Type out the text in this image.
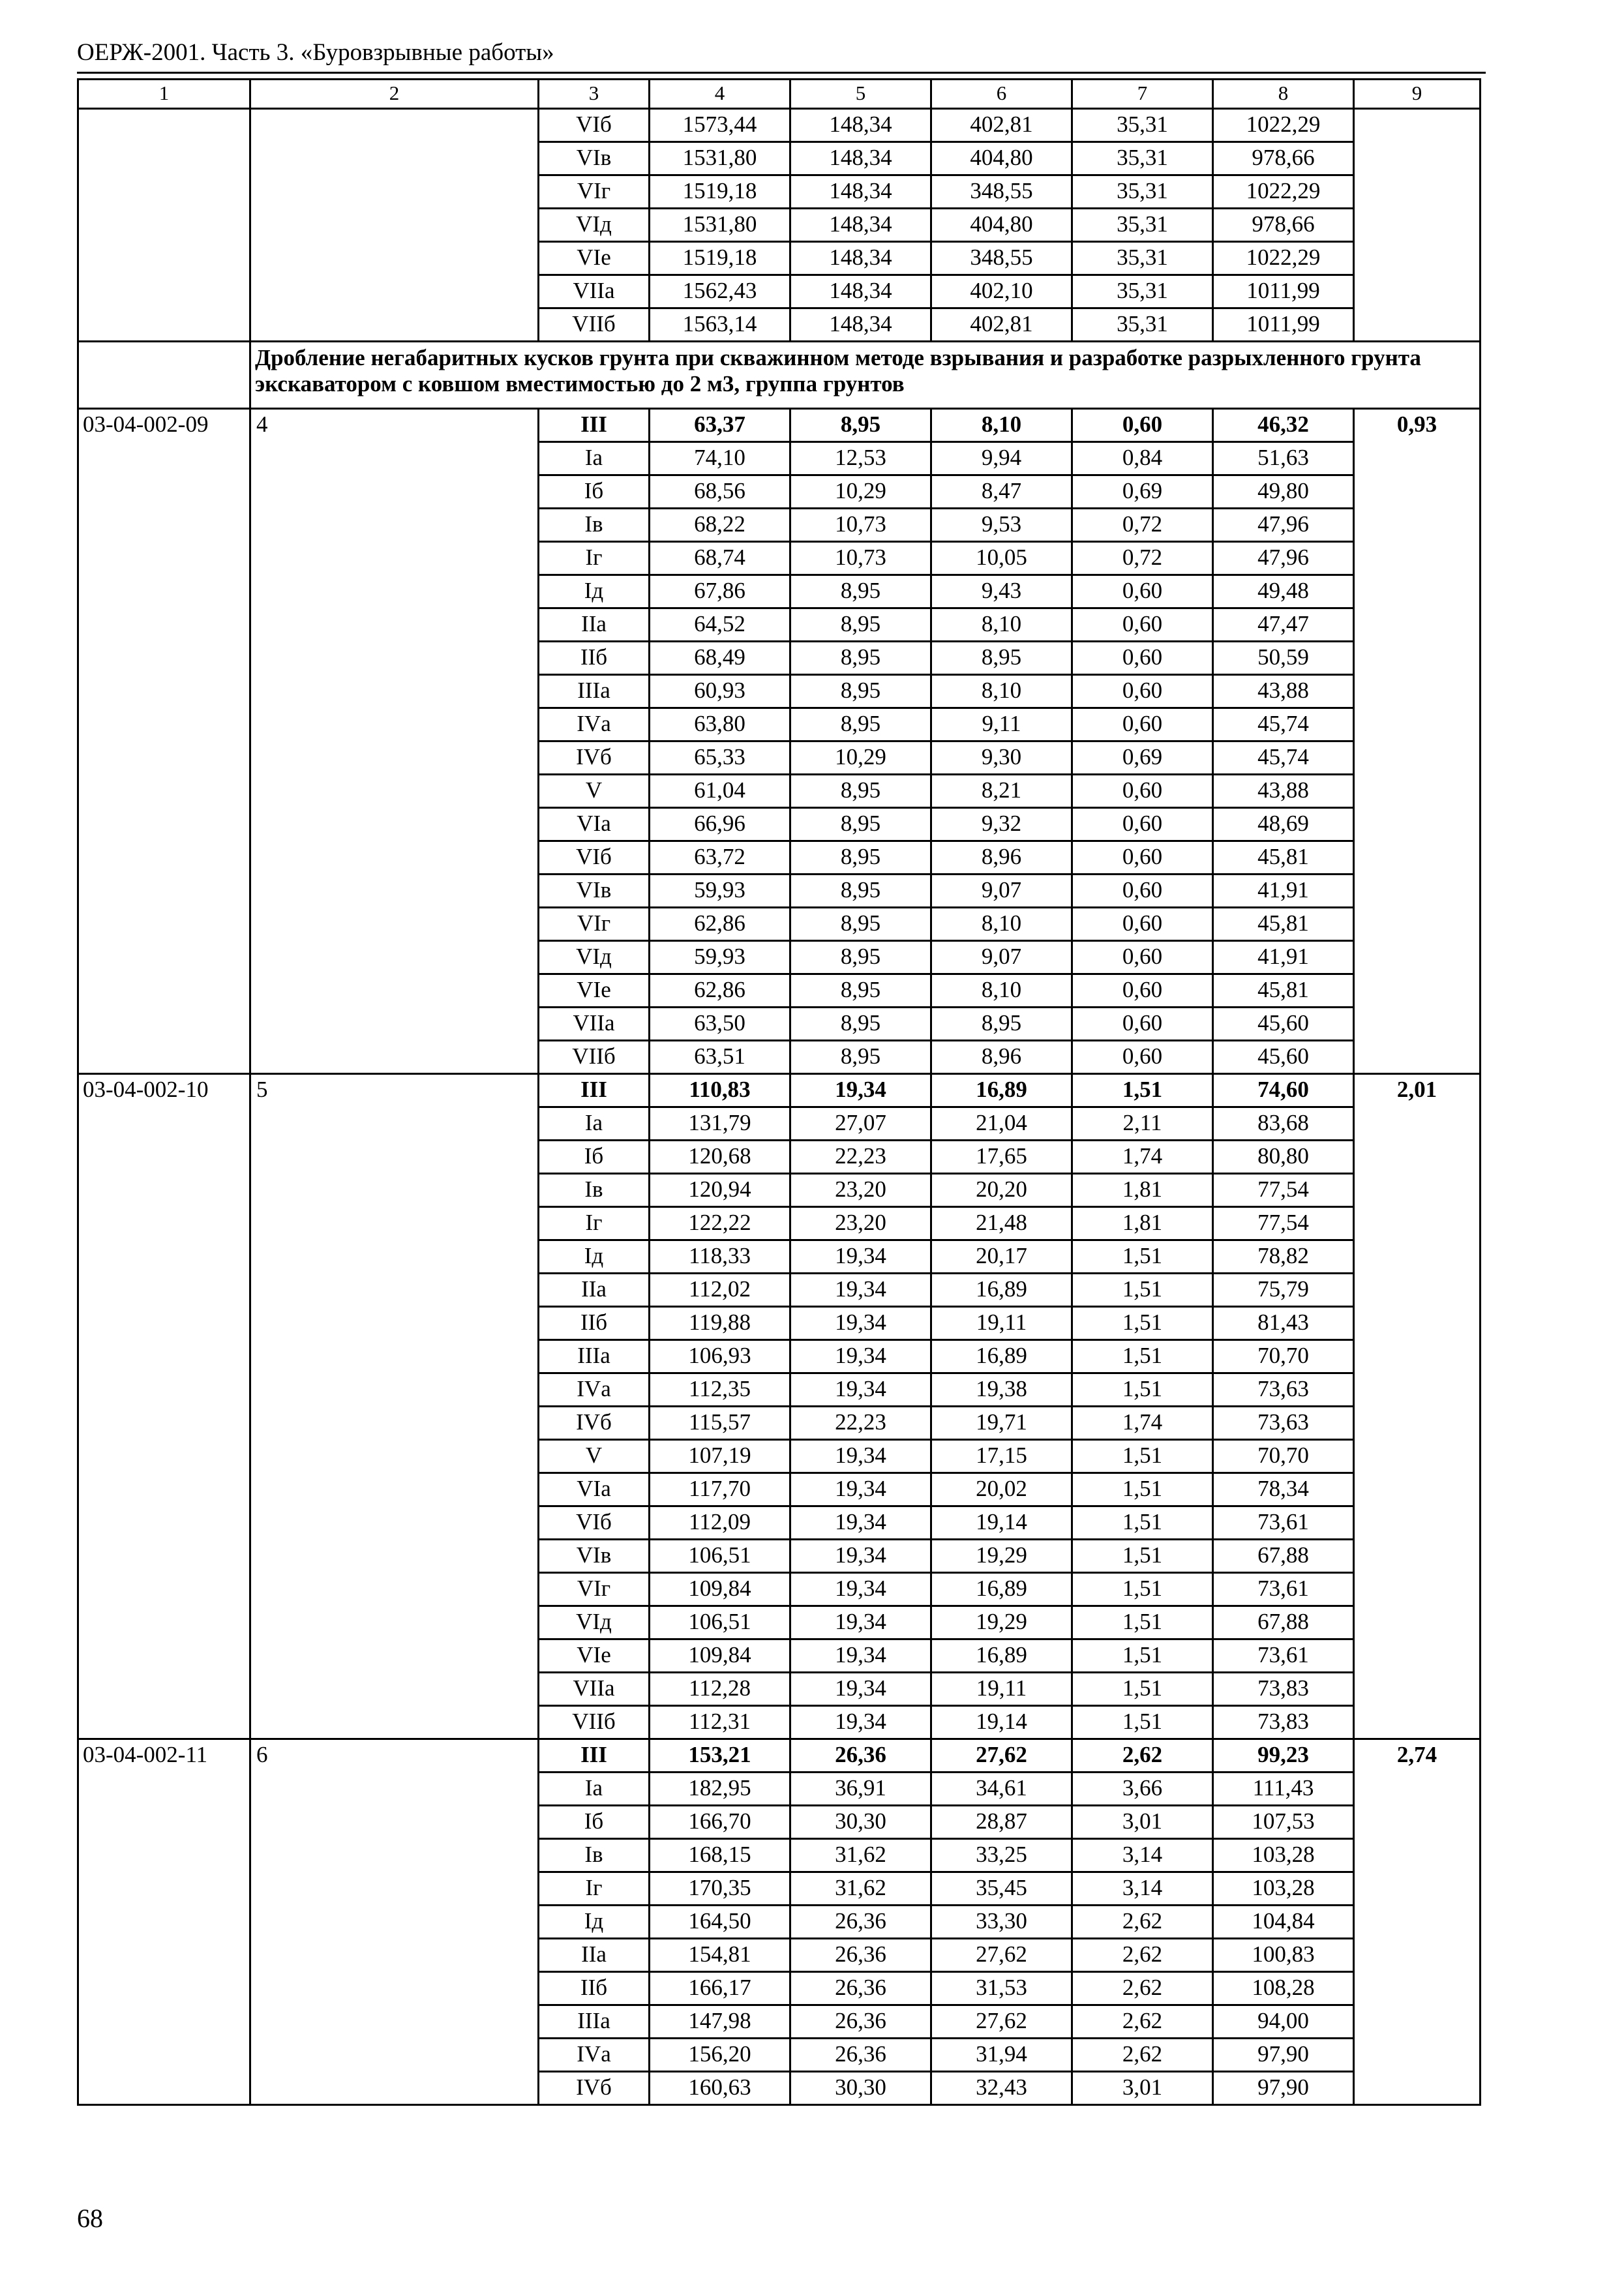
ОЕРЖ-2001. Часть 3. «Буровзрывные работы»
1	2	3	4	5	6	7	8	9
		VIб	1573,44	148,34	402,81	35,31	1022,29	
		VIв	1531,80	148,34	404,80	35,31	978,66	
		VIг	1519,18	148,34	348,55	35,31	1022,29	
		VIд	1531,80	148,34	404,80	35,31	978,66	
		VIе	1519,18	148,34	348,55	35,31	1022,29	
		VIIа	1562,43	148,34	402,10	35,31	1011,99	
		VIIб	1563,14	148,34	402,81	35,31	1011,99	
	Дробление негабаритных кусков грунта при скважинном методе взрывания и разработке разрыхленного грунта экскаватором с ковшом вместимостью до 2 м3, группа грунтов							
03-04-002-09	4	III	63,37	8,95	8,10	0,60	46,32	0,93
		Iа	74,10	12,53	9,94	0,84	51,63	
		Iб	68,56	10,29	8,47	0,69	49,80	
		Iв	68,22	10,73	9,53	0,72	47,96	
		Iг	68,74	10,73	10,05	0,72	47,96	
		Iд	67,86	8,95	9,43	0,60	49,48	
		IIа	64,52	8,95	8,10	0,60	47,47	
		IIб	68,49	8,95	8,95	0,60	50,59	
		IIIа	60,93	8,95	8,10	0,60	43,88	
		IVа	63,80	8,95	9,11	0,60	45,74	
		IVб	65,33	10,29	9,30	0,69	45,74	
		V	61,04	8,95	8,21	0,60	43,88	
		VIа	66,96	8,95	9,32	0,60	48,69	
		VIб	63,72	8,95	8,96	0,60	45,81	
		VIв	59,93	8,95	9,07	0,60	41,91	
		VIг	62,86	8,95	8,10	0,60	45,81	
		VIд	59,93	8,95	9,07	0,60	41,91	
		VIе	62,86	8,95	8,10	0,60	45,81	
		VIIа	63,50	8,95	8,95	0,60	45,60	
		VIIб	63,51	8,95	8,96	0,60	45,60	
03-04-002-10	5	III	110,83	19,34	16,89	1,51	74,60	2,01
		Iа	131,79	27,07	21,04	2,11	83,68	
		Iб	120,68	22,23	17,65	1,74	80,80	
		Iв	120,94	23,20	20,20	1,81	77,54	
		Iг	122,22	23,20	21,48	1,81	77,54	
		Iд	118,33	19,34	20,17	1,51	78,82	
		IIа	112,02	19,34	16,89	1,51	75,79	
		IIб	119,88	19,34	19,11	1,51	81,43	
		IIIа	106,93	19,34	16,89	1,51	70,70	
		IVа	112,35	19,34	19,38	1,51	73,63	
		IVб	115,57	22,23	19,71	1,74	73,63	
		V	107,19	19,34	17,15	1,51	70,70	
		VIа	117,70	19,34	20,02	1,51	78,34	
		VIб	112,09	19,34	19,14	1,51	73,61	
		VIв	106,51	19,34	19,29	1,51	67,88	
		VIг	109,84	19,34	16,89	1,51	73,61	
		VIд	106,51	19,34	19,29	1,51	67,88	
		VIе	109,84	19,34	16,89	1,51	73,61	
		VIIа	112,28	19,34	19,11	1,51	73,83	
		VIIб	112,31	19,34	19,14	1,51	73,83	
03-04-002-11	6	III	153,21	26,36	27,62	2,62	99,23	2,74
		Iа	182,95	36,91	34,61	3,66	111,43	
		Iб	166,70	30,30	28,87	3,01	107,53	
		Iв	168,15	31,62	33,25	3,14	103,28	
		Iг	170,35	31,62	35,45	3,14	103,28	
		Iд	164,50	26,36	33,30	2,62	104,84	
		IIа	154,81	26,36	27,62	2,62	100,83	
		IIб	166,17	26,36	31,53	2,62	108,28	
		IIIа	147,98	26,36	27,62	2,62	94,00	
		IVа	156,20	26,36	31,94	2,62	97,90	
		IVб	160,63	30,30	32,43	3,01	97,90	
68
